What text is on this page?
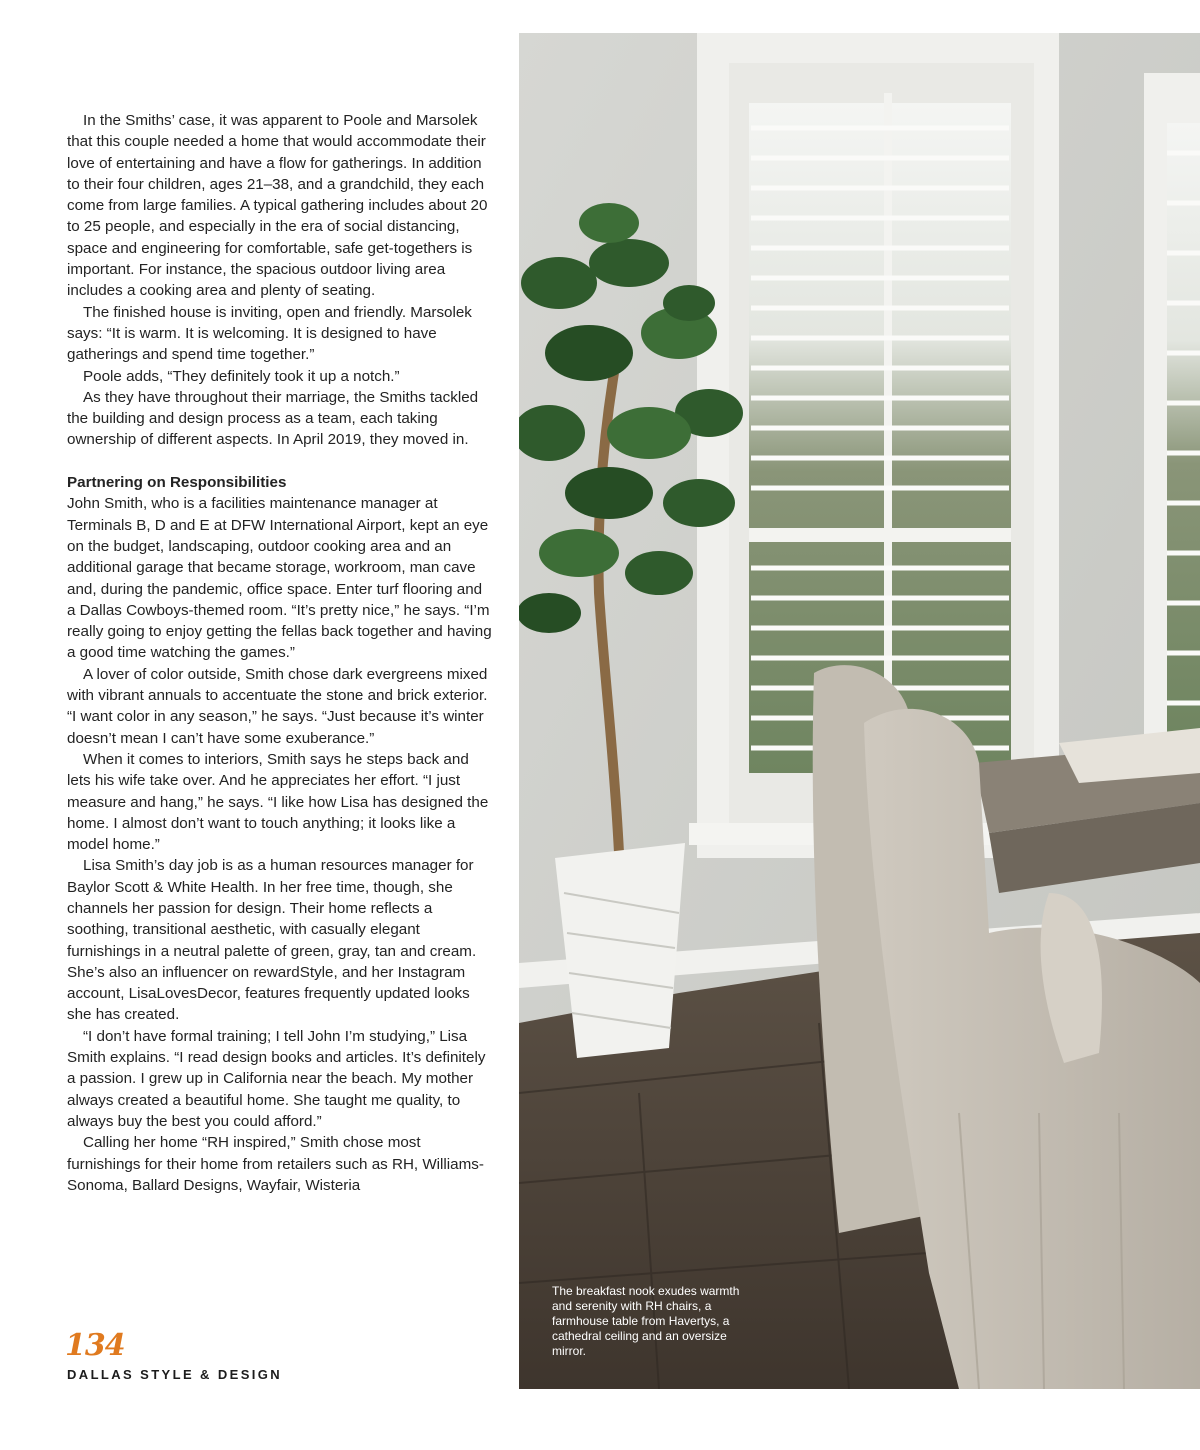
In the Smiths’ case, it was apparent to Poole and Marsolek that this couple needed a home that would accommodate their love of entertaining and have a flow for gatherings. In addition to their four children, ages 21–38, and a grandchild, they each come from large families. A typical gathering includes about 20 to 25 people, and especially in the era of social distancing, space and engineering for comfortable, safe get-togethers is important. For instance, the spacious outdoor living area includes a cooking area and plenty of seating.

The finished house is inviting, open and friendly. Marsolek says: “It is warm. It is welcoming. It is designed to have gatherings and spend time together.”

Poole adds, “They definitely took it up a notch.”

As they have throughout their marriage, the Smiths tackled the building and design process as a team, each taking ownership of different aspects. In April 2019, they moved in.

Partnering on Responsibilities

John Smith, who is a facilities maintenance manager at Terminals B, D and E at DFW International Airport, kept an eye on the budget, landscaping, outdoor cooking area and an additional garage that became storage, workroom, man cave and, during the pandemic, office space. Enter turf flooring and a Dallas Cowboys-themed room. “It’s pretty nice,” he says. “I’m really going to enjoy getting the fellas back together and having a good time watching the games.”

A lover of color outside, Smith chose dark evergreens mixed with vibrant annuals to accentuate the stone and brick exterior. “I want color in any season,” he says. “Just because it’s winter doesn’t mean I can’t have some exuberance.”

When it comes to interiors, Smith says he steps back and lets his wife take over. And he appreciates her effort. “I just measure and hang,” he says. “I like how Lisa has designed the home. I almost don’t want to touch anything; it looks like a model home.”

Lisa Smith’s day job is as a human resources manager for Baylor Scott & White Health. In her free time, though, she channels her passion for design. Their home reflects a soothing, transitional aesthetic, with casually elegant furnishings in a neutral palette of green, gray, tan and cream. She’s also an influencer on rewardStyle, and her Instagram account, LisaLovesDecor, features frequently updated looks she has created.

“I don’t have formal training; I tell John I’m studying,” Lisa Smith explains. “I read design books and articles. It’s definitely a passion. I grew up in California near the beach. My mother always created a beautiful home. She taught me quality, to always buy the best you could afford.”

Calling her home “RH inspired,” Smith chose most furnishings for their home from retailers such as RH, Williams-Sonoma, Ballard Designs, Wayfair, Wisteria

134
DALLAS STYLE & DESIGN
The breakfast nook exudes warmth and serenity with RH chairs, a farmhouse table from Havertys, a cathedral ceiling and an oversize mirror.
